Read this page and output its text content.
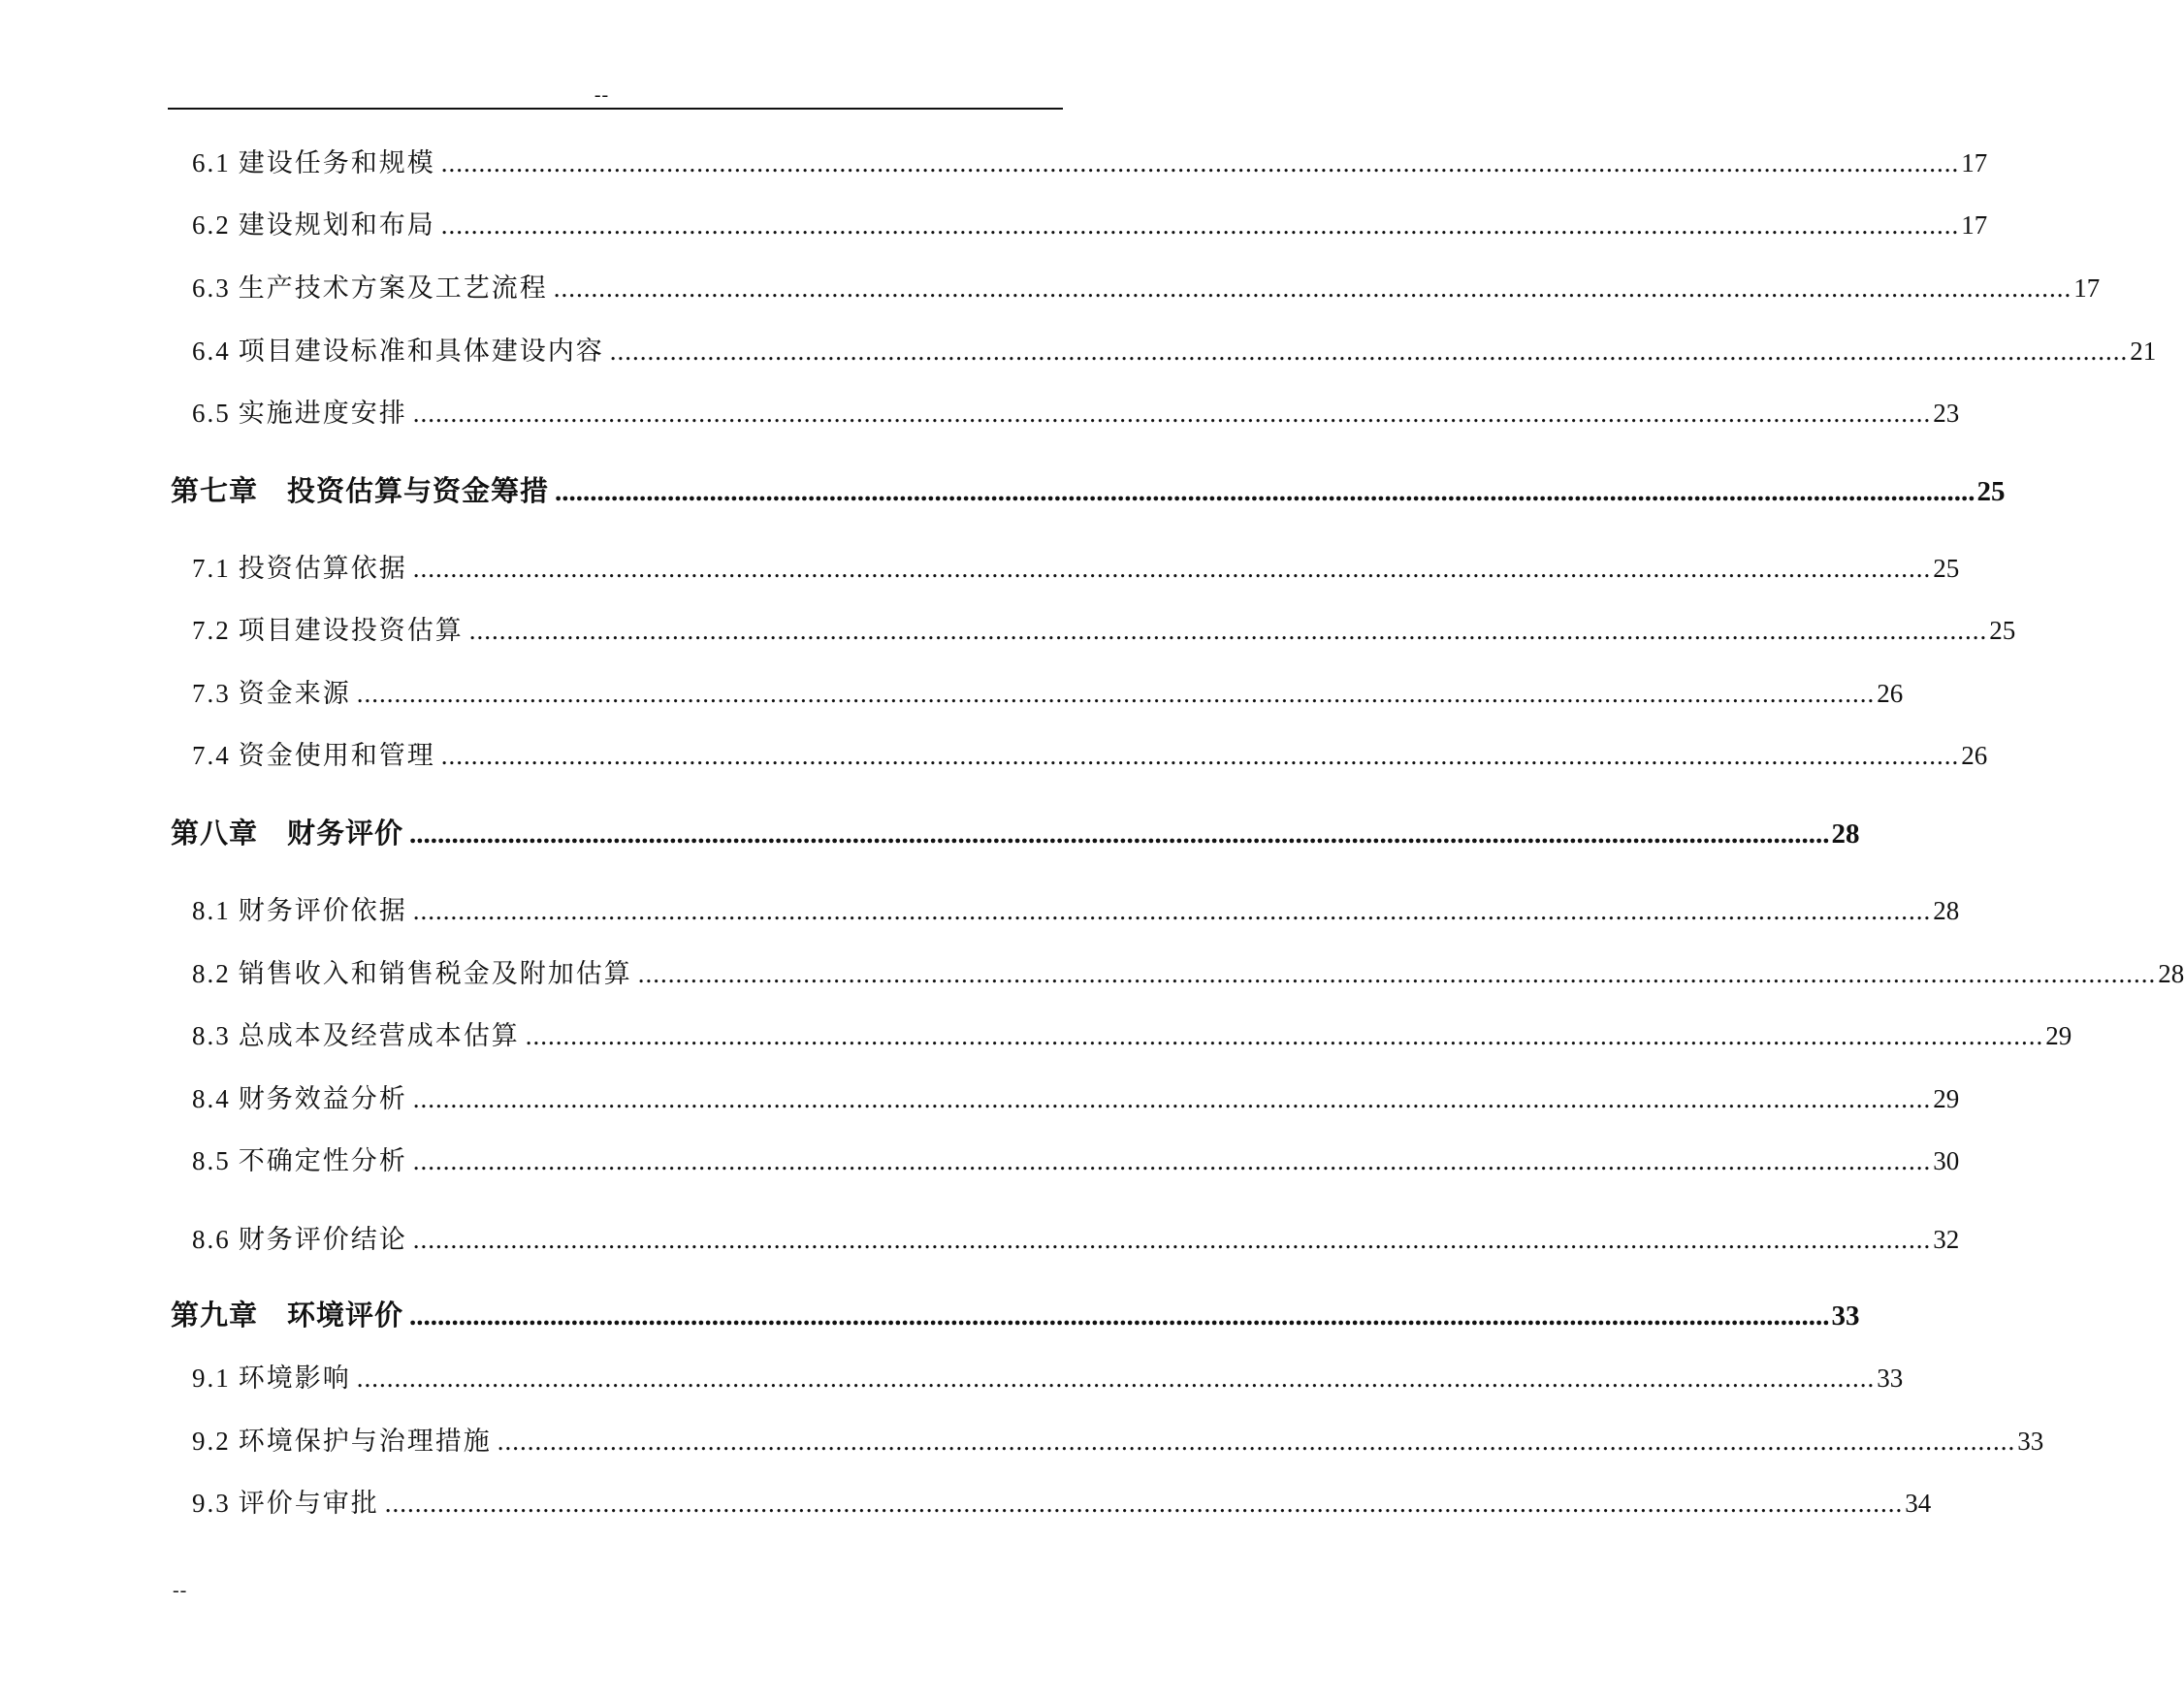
--
6.1 建设任务和规模 .......................................................................................................................................................................................................... 17
6.2 建设规划和布局 .......................................................................................................................................................................................................... 17
6.3 生产技术方案及工艺流程 .......................................................................................................................................................................................................... 17
6.4 项目建设标准和具体建设内容 .......................................................................................................................................................................................................... 21
6.5 实施进度安排 .......................................................................................................................................................................................................... 23
第七章 投资估算与资金筹措 .......................................................................................................................................................................................................... 25
7.1 投资估算依据 .......................................................................................................................................................................................................... 25
7.2 项目建设投资估算 .......................................................................................................................................................................................................... 25
7.3 资金来源 .......................................................................................................................................................................................................... 26
7.4 资金使用和管理 .......................................................................................................................................................................................................... 26
第八章 财务评价 .......................................................................................................................................................................................................... 28
8.1 财务评价依据 .......................................................................................................................................................................................................... 28
8.2 销售收入和销售税金及附加估算 .......................................................................................................................................................................................................... 28
8.3 总成本及经营成本估算 .......................................................................................................................................................................................................... 29
8.4 财务效益分析 .......................................................................................................................................................................................................... 29
8.5 不确定性分析 .......................................................................................................................................................................................................... 30
8.6 财务评价结论 .......................................................................................................................................................................................................... 32
第九章 环境评价 .......................................................................................................................................................................................................... 33
9.1 环境影响 .......................................................................................................................................................................................................... 33
9.2 环境保护与治理措施 .......................................................................................................................................................................................................... 33
9.3 评价与审批 .......................................................................................................................................................................................................... 34
--
